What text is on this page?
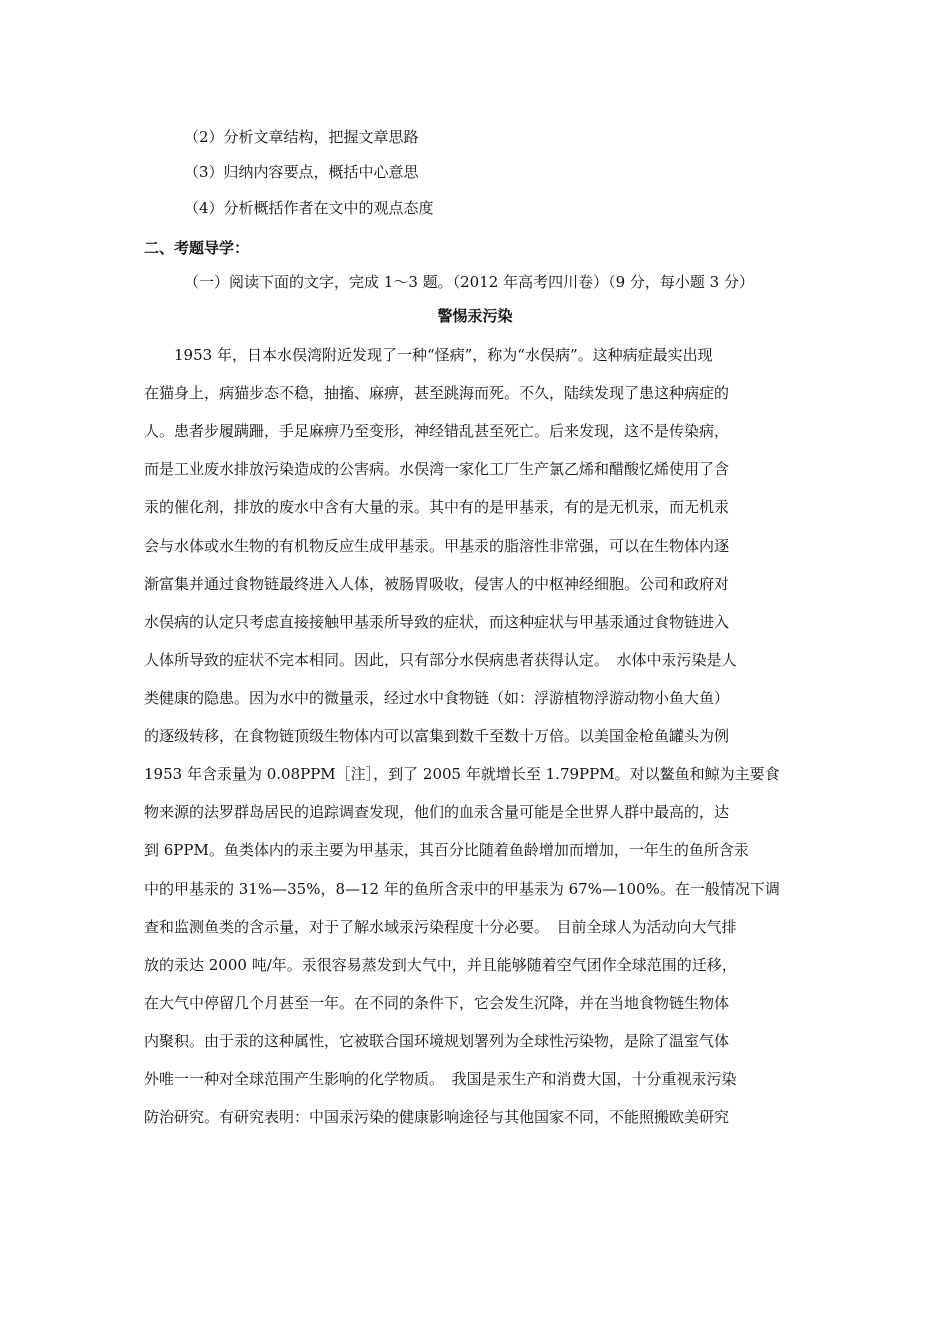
（2）分析文章结构，把握文章思路
（3）归纳内容要点，概括中心意思
（4）分析概括作者在文中的观点态度
二、考题导学：
（一）阅读下面的文字，完成 1～3 题。（2012 年高考四川卷）（9 分，每小题 3 分）
警惕汞污染
　　1953 年，日本水俣湾附近发现了一种“怪病”，称为“水俣病”。这种病症最实出现
在猫身上，病猫步态不稳，抽搐、麻痹，甚至跳海而死。不久，陆续发现了患这种病症的
人。患者步履蹒跚，手足麻痹乃至变形，神经错乱甚至死亡。后来发现，这不是传染病，
而是工业废水排放污染造成的公害病。水俣湾一家化工厂生产氯乙烯和醋酸忆烯使用了含
汞的催化剂，排放的废水中含有大量的汞。其中有的是甲基汞，有的是无机汞，而无机汞
会与水体或水生物的有机物反应生成甲基汞。甲基汞的脂溶性非常强，可以在生物体内逐
渐富集并通过食物链最终进入人体，被肠胃吸收，侵害人的中枢神经细胞。公司和政府对
水俣病的认定只考虑直接接触甲基汞所导致的症状，而这种症状与甲基汞通过食物链进入
人体所导致的症状不完本相同。因此，只有部分水俣病患者获得认定。　水体中汞污染是人
类健康的隐患。因为水中的微量汞，经过水中食物链（如：浮游植物浮游动物小鱼大鱼）
的逐级转移，在食物链顶级生物体内可以富集到数千至数十万倍。以美国金枪鱼罐头为例
1953 年含汞量为 0.08PPM［注］，到了 2005 年就增长至 1.79PPM。对以鳌鱼和鲸为主要食
物来源的法罗群岛居民的追踪调查发现，他们的血汞含量可能是全世界人群中最高的，达
到 6PPM。鱼类体内的汞主要为甲基汞，其百分比随着鱼龄增加而增加，一年生的鱼所含汞
中的甲基汞的 31%—35%，8—12 年的鱼所含汞中的甲基汞为 67%—100%。在一般情况下调
查和监测鱼类的含示量，对于了解水域汞污染程度十分必要。　目前全球人为活动向大气排
放的汞达 2000 吨/年。汞很容易蒸发到大气中，并且能够随着空气团作全球范围的迁移，
在大气中停留几个月甚至一年。在不同的条件下，它会发生沉降，并在当地食物链生物体
内聚积。由于汞的这种属性，它被联合国环境规划署列为全球性污染物，是除了温室气体
外唯一一种对全球范围产生影响的化学物质。　我国是汞生产和消费大国，十分重视汞污染
防治研究。有研究表明：中国汞污染的健康影响途径与其他国家不同，不能照搬欧美研究
